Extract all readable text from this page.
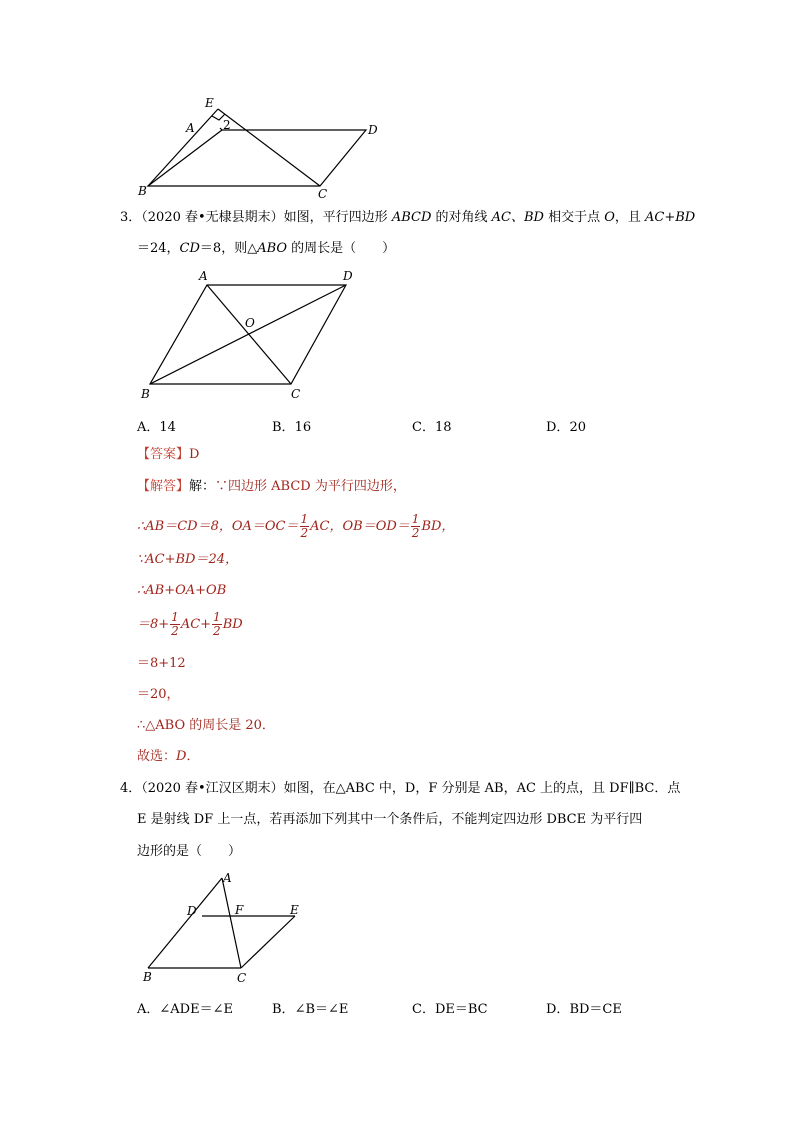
E
A 2	D
B	C
3．（2020 春•无棣县期末）如图，平行四边形 ABCD 的对角线 AC、BD 相交于点 O，且 AC+BD
＝24，CD＝8，则△ABO 的周长是（　　）
A	D
O
B	C
A．14	B．16	C．18	D．20
【答案】D
【解答】解：∵四边形 ABCD 为平行四边形，
∴AB＝CD＝8，$OA=OC= \frac{1}{2}$ AC，$OB=OD= \frac{1}{2}$ BD，
∵AC+BD＝24，
∴AB+OA+OB
$=8+ \frac{1}{2} AC+ \frac{1}{2}$ BD
＝8+12
＝20，
∴△ABO 的周长是 20．
故选：D．
4．（2020 春•江汉区期末）如图，在△ABC 中，D，F 分别是 AB，AC 上的点，且 DF∥BC．点
E 是射线 DF 上一点，若再添加下列其中一个条件后，不能判定四边形 DBCE 为平行四
边形的是（　　）
A
D	F	E
B	C
A．∠ADE＝∠E	B．∠B＝∠E	C．DE＝BC	D．BD＝CE
